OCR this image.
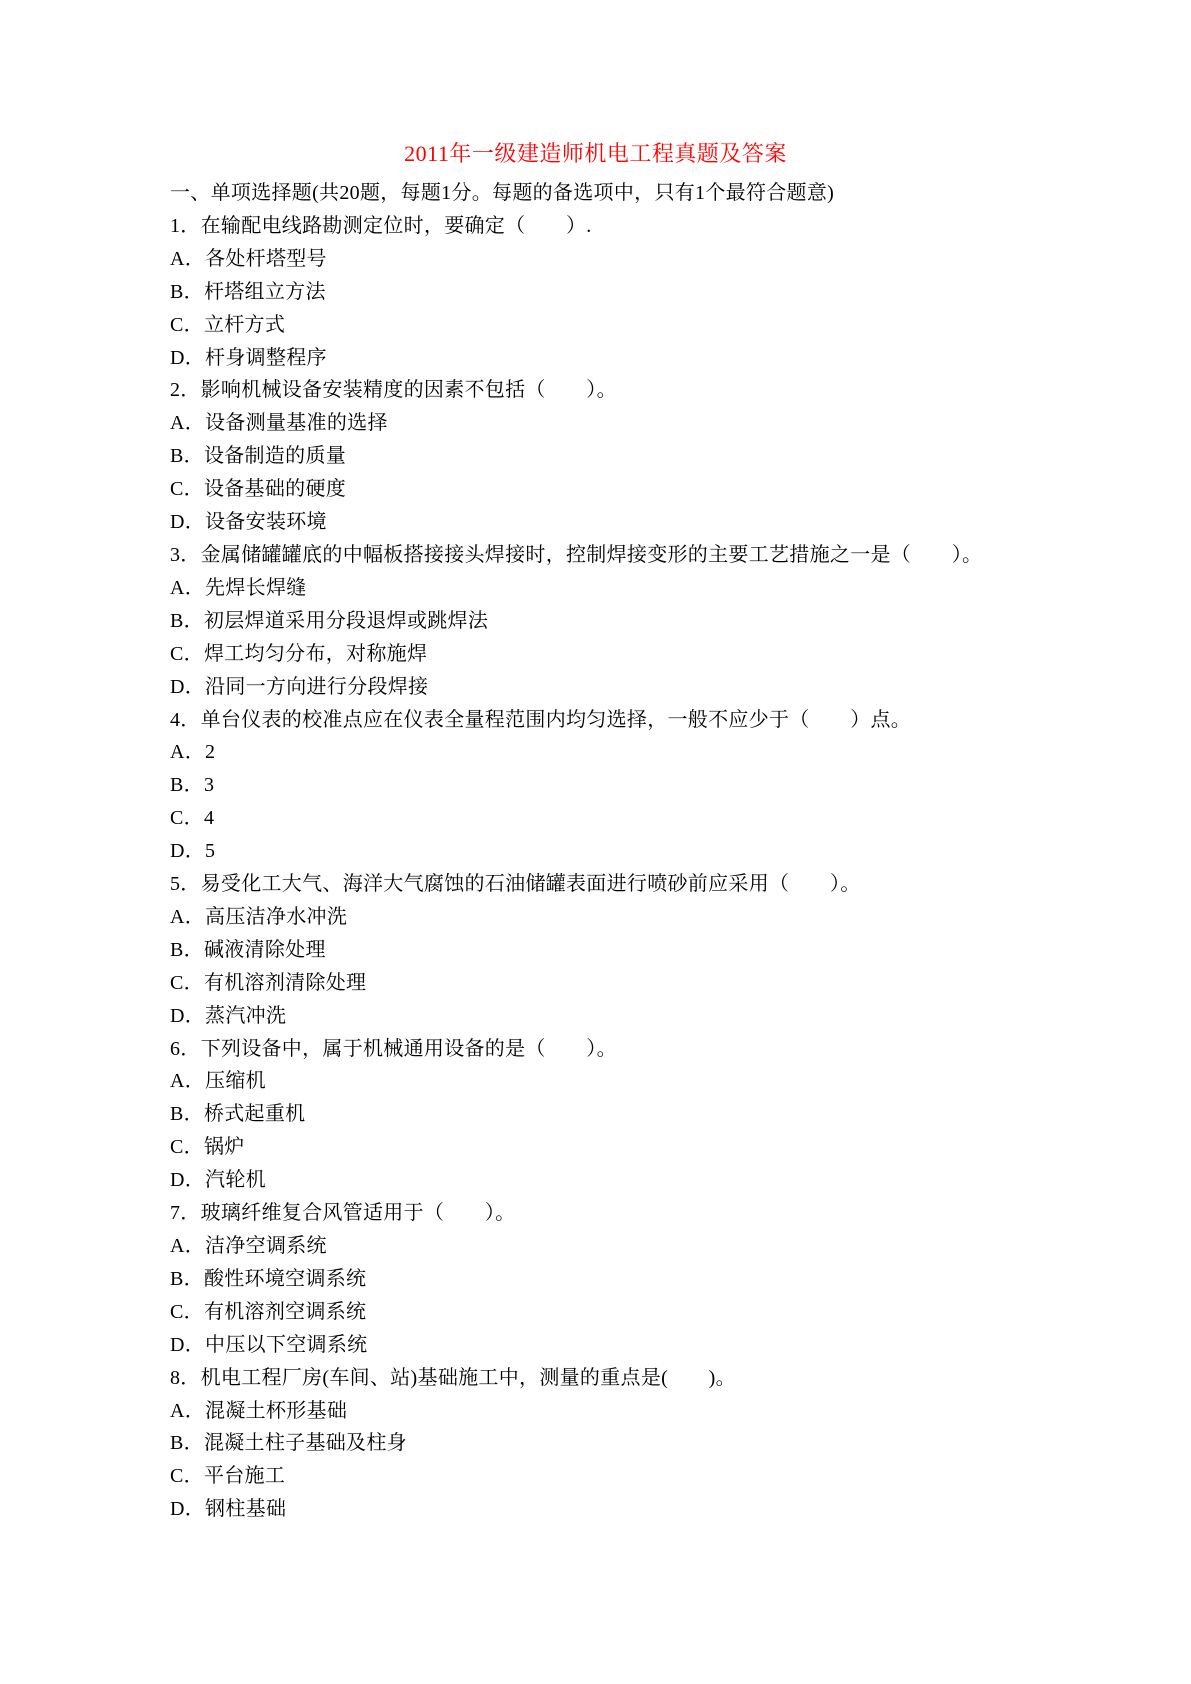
2011年一级建造师机电工程真题及答案
一、单项选择题(共20题，每题1分。每题的备选项中，只有1个最符合题意)
1．在输配电线路勘测定位时，要确定（　　）.
A．各处杆塔型号
B．杆塔组立方法
C．立杆方式
D．杆身调整程序
2．影响机械设备安装精度的因素不包括（　　）。
A．设备测量基准的选择
B．设备制造的质量
C．设备基础的硬度
D．设备安装环境
3．金属储罐罐底的中幅板搭接接头焊接时，控制焊接变形的主要工艺措施之一是（　　）。
A．先焊长焊缝
B．初层焊道采用分段退焊或跳焊法
C．焊工均匀分布，对称施焊
D．沿同一方向进行分段焊接
4．单台仪表的校准点应在仪表全量程范围内均匀选择，一般不应少于（　　）点。
A．2
B．3
C．4
D．5
5．易受化工大气、海洋大气腐蚀的石油储罐表面进行喷砂前应采用（　　）。
A．高压洁净水冲洗
B．碱液清除处理
C．有机溶剂清除处理
D．蒸汽冲洗
6．下列设备中，属于机械通用设备的是（　　）。
A．压缩机
B．桥式起重机
C．锅炉
D．汽轮机
7．玻璃纤维复合风管适用于（　　）。
A．洁净空调系统
B．酸性环境空调系统
C．有机溶剂空调系统
D．中压以下空调系统
8．机电工程厂房(车间、站)基础施工中，测量的重点是(　　)。
A．混凝土杯形基础
B．混凝土柱子基础及柱身
C．平台施工
D．钢柱基础
